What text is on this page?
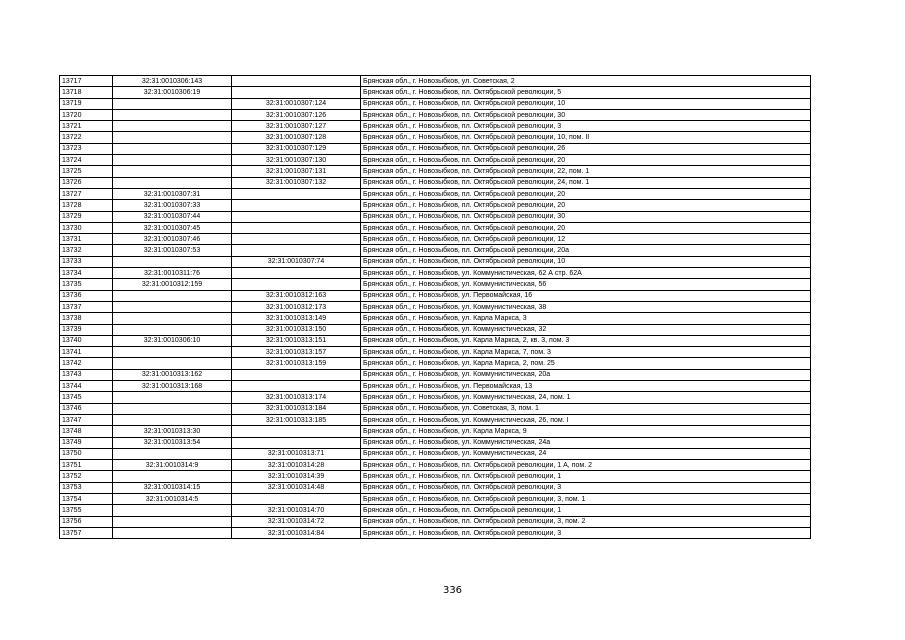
13717	32:31:0010306:143		Брянская обл., г. Новозыбков, ул. Советская, 2
13718	32:31:0010306:19		Брянская обл., г. Новозыбков, пл. Октябрьской революции, 5
13719		32:31:0010307:124	Брянская обл., г. Новозыбков, пл. Октябрьской революции, 10
13720		32:31:0010307:126	Брянская обл., г. Новозыбков, пл. Октябрьской революции, 30
13721		32:31:0010307:127	Брянская обл., г. Новозыбков, пл. Октябрьской революции, 3
13722		32:31:0010307:128	Брянская обл., г. Новозыбков, пл. Октябрьской революции, 10, пом. II
13723		32:31:0010307:129	Брянская обл., г. Новозыбков, пл. Октябрьской революции, 26
13724		32:31:0010307:130	Брянская обл., г. Новозыбков, пл. Октябрьской революции, 20
13725		32:31:0010307:131	Брянская обл., г. Новозыбков, пл. Октябрьской революции, 22, пом. 1
13726		32:31:0010307:132	Брянская обл., г. Новозыбков, пл. Октябрьской революции, 24, пом. 1
13727	32:31:0010307:31		Брянская обл., г. Новозыбков, пл. Октябрьской революции, 20
13728	32:31:0010307:33		Брянская обл., г. Новозыбков, пл. Октябрьской революции, 20
13729	32:31:0010307:44		Брянская обл., г. Новозыбков, пл. Октябрьской революции, 30
13730	32:31:0010307:45		Брянская обл., г. Новозыбков, пл. Октябрьской революции, 20
13731	32:31:0010307:46		Брянская обл., г. Новозыбков, пл. Октябрьской революции, 12
13732	32:31:0010307:53		Брянская обл., г. Новозыбков, пл. Октябрьской революции, 20а
13733		32:31:0010307:74	Брянская обл., г. Новозыбков, пл. Октябрьской революции, 10
13734	32:31:0010311:76		Брянская обл., г. Новозыбков, ул. Коммунистическая, 62 А стр. 62А
13735	32:31:0010312:159		Брянская обл., г. Новозыбков, ул. Коммунистическая, 56
13736		32:31:0010312:163	Брянская обл., г. Новозыбков, ул. Первомайская, 16
13737		32:31:0010312:173	Брянская обл., г. Новозыбков, ул. Коммунистическая, 38
13738		32:31:0010313:149	Брянская обл., г. Новозыбков, ул. Карла Маркса, 3
13739		32:31:0010313:150	Брянская обл., г. Новозыбков, ул. Коммунистическая, 32
13740	32:31:0010306:10	32:31:0010313:151	Брянская обл., г. Новозыбков, ул. Карла Маркса, 2, кв. 3, пом. 3
13741		32:31:0010313:157	Брянская обл., г. Новозыбков, ул. Карла Маркса, 7, пом. 3
13742		32:31:0010313:159	Брянская обл., г. Новозыбков, ул. Карла Маркса, 2, пом. 25
13743	32:31:0010313:162		Брянская обл., г. Новозыбков, ул. Коммунистическая, 20а
13744	32:31:0010313:168		Брянская обл., г. Новозыбков, ул. Первомайская, 13
13745		32:31:0010313:174	Брянская обл., г. Новозыбков, ул. Коммунистическая, 24, пом. 1
13746		32:31:0010313:184	Брянская обл., г. Новозыбков, ул. Советская, 3, пом. 1
13747		32:31:0010313:185	Брянская обл., г. Новозыбков, ул. Коммунистическая, 26, пом. I
13748	32:31:0010313:30		Брянская обл., г. Новозыбков, ул. Карла Маркса, 9
13749	32:31:0010313:54		Брянская обл., г. Новозыбков, ул. Коммунистическая, 24а
13750		32:31:0010313:71	Брянская обл., г. Новозыбков, ул. Коммунистическая, 24
13751	32:31:0010314:9	32:31:0010314:28	Брянская обл., г. Новозыбков, пл. Октябрьской революции, 1 А, пом. 2
13752		32:31:0010314:39	Брянская обл., г. Новозыбков, пл. Октябрьской революции, 1
13753	32:31:0010314:15	32:31:0010314:48	Брянская обл., г. Новозыбков, пл. Октябрьской революции, 3
13754	32:31:0010314:5		Брянская обл., г. Новозыбков, пл. Октябрьской революции, 3, пом. 1
13755		32:31:0010314:70	Брянская обл., г. Новозыбков, пл. Октябрьской революции, 1
13756		32:31:0010314:72	Брянская обл., г. Новозыбков, пл. Октябрьской революции, 3, пом. 2
13757		32:31:0010314:84	Брянская обл., г. Новозыбков, пл. Октябрьской революции, 3
336
